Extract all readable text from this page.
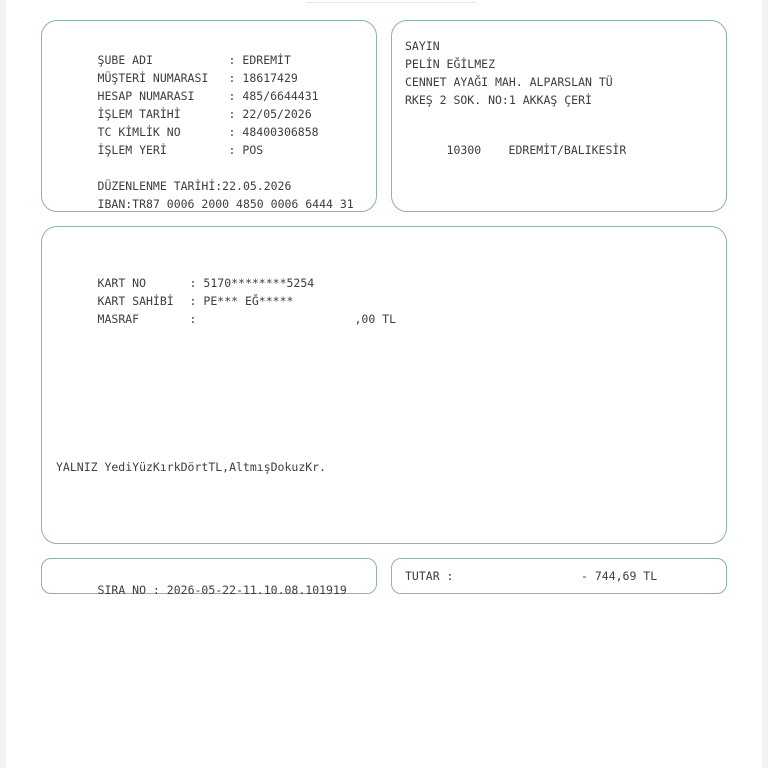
ŞUBE ADI	: EDREMİT

MÜŞTERİ NUMARASI : 18617429

HESAP NUMARASI	: 485/6644431

İŞLEM TARİHİ	: 22/05/2026

TC KİMLİK NO	: 48400306858

İŞLEM YERİ	: POS

DÜZENLENME TARİHİ:22.05.2026

IBAN:TR87 0006 2000 4850 0006 6444 31

SAYIN
PELİN EĞİLMEZ
CENNET AYAĞI MAH. ALPARSLAN TÜ
RKEŞ 2 SOK. NO:1 AKKAŞ ÇERİ

10300 EDREMİT/BALIKESİR

KART NO	: 5170********5254

KART SAHİBİ : PE*** EĞ*****

MASRAF	:	,00 TL

YALNIZ YediYüzKırkDörtTL,AltmışDokuzKr.

SIRA NO : 2026-05-22-11.10.08.101919

TUTAR :	- 744,69 TL
